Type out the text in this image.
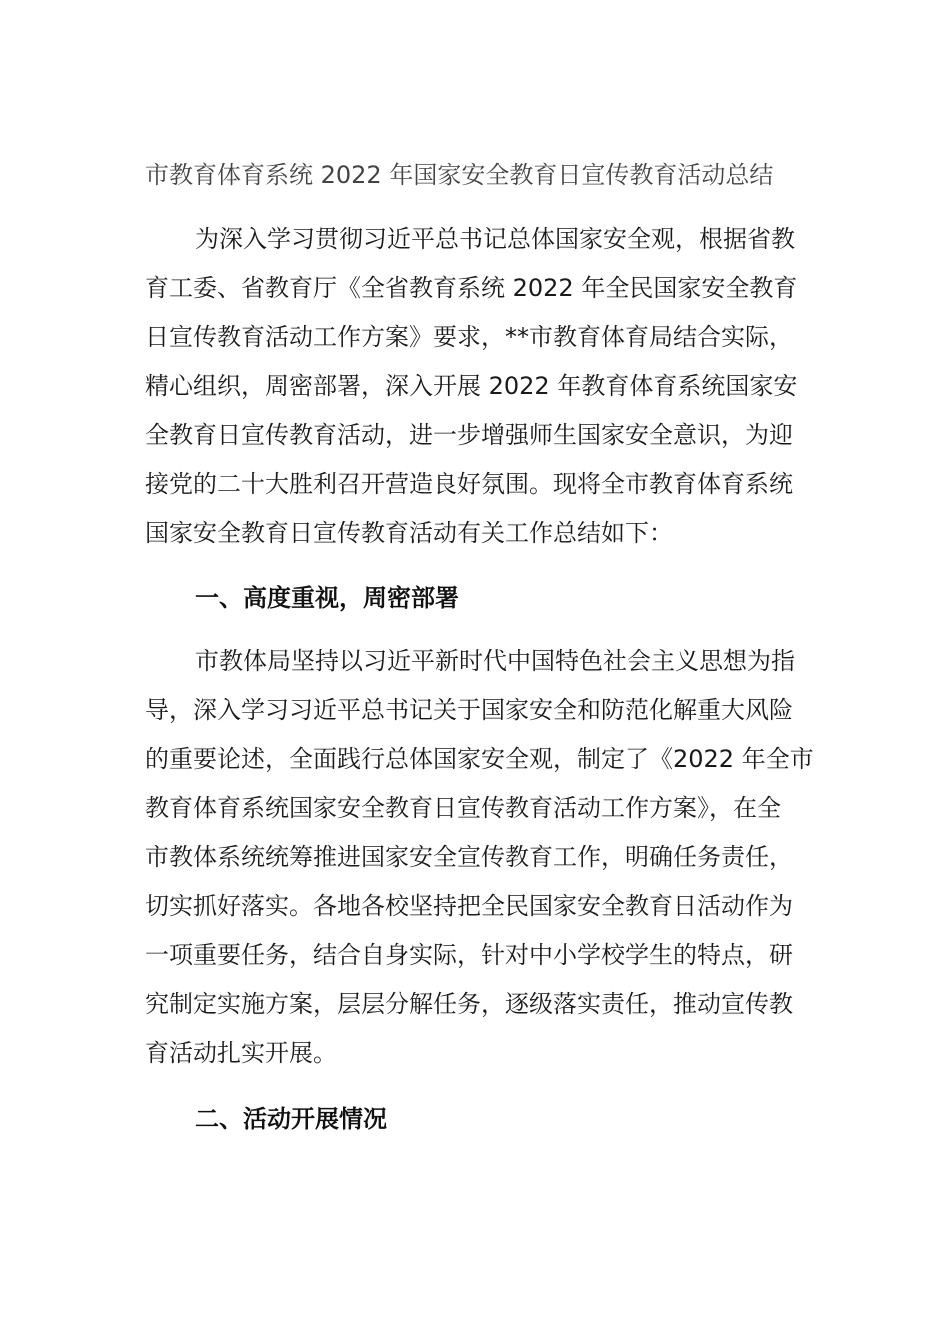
市教育体育系统 2022 年国家安全教育日宣传教育活动总结
为深入学习贯彻习近平总书记总体国家安全观，根据省教
育工委、省教育厅《全省教育系统 2022 年全民国家安全教育
日宣传教育活动工作方案》要求，**市教育体育局结合实际，
精心组织，周密部署，深入开展 2022 年教育体育系统国家安
全教育日宣传教育活动，进一步增强师生国家安全意识，为迎
接党的二十大胜利召开营造良好氛围。现将全市教育体育系统
国家安全教育日宣传教育活动有关工作总结如下：
一、高度重视，周密部署
市教体局坚持以习近平新时代中国特色社会主义思想为指
导，深入学习习近平总书记关于国家安全和防范化解重大风险
的重要论述，全面践行总体国家安全观，制定了《2022 年全市
教育体育系统国家安全教育日宣传教育活动工作方案》，在全
市教体系统统筹推进国家安全宣传教育工作，明确任务责任，
切实抓好落实。各地各校坚持把全民国家安全教育日活动作为
一项重要任务，结合自身实际，针对中小学校学生的特点，研
究制定实施方案，层层分解任务，逐级落实责任，推动宣传教
育活动扎实开展。
二、活动开展情况
